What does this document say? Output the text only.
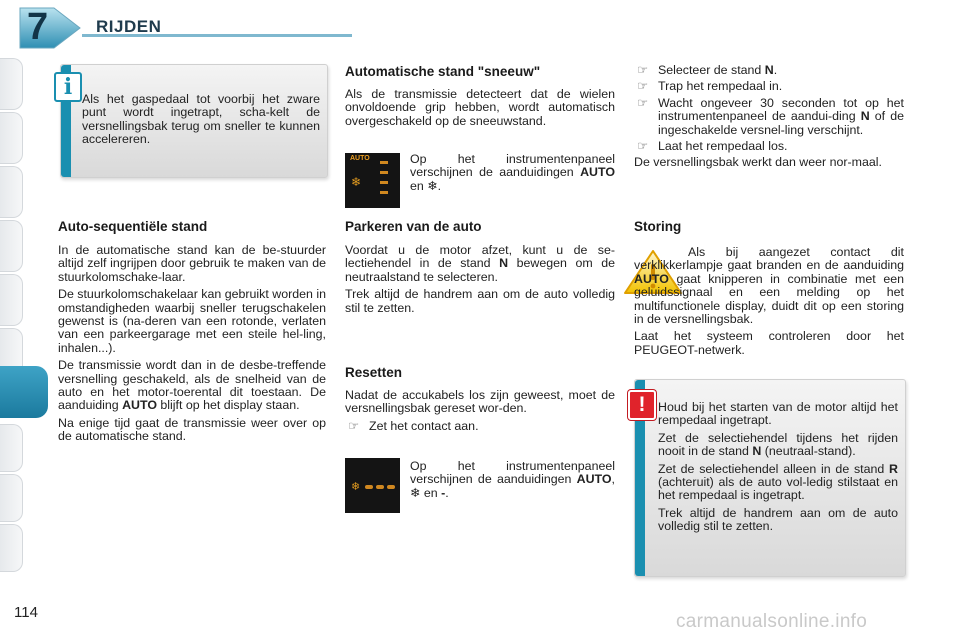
7	RIJDEN
i Als het gaspedaal tot voorbij het zware punt wordt ingetrapt, scha-kelt de versnellingsbak terug om sneller te kunnen accelereren.
Auto-sequentiële stand

In de automatische stand kan de be-stuurder altijd zelf ingrijpen door gebruik te maken van de stuurkolomschake-laar.

De stuurkolomschakelaar kan gebruikt worden in omstandigheden waarbij sneller terugschakelen gewenst is (na-deren van een rotonde, verlaten van een parkeergarage met een steile hel-ling, inhalen...).

De transmissie wordt dan in de desbe-treffende versnelling geschakeld, als de snelheid van de auto en het motor-toerental dit toestaan. De aanduiding AUTO blijft op het display staan.

Na enige tijd gaat de transmissie weer over op de automatische stand.

Automatische stand "sneeuw"
Als de transmissie detecteert dat de wielen onvoldoende grip hebben, wordt automatisch overgeschakeld op de sneeuwstand.
AUTO
❄
Op het instrumentenpaneel verschijnen de aanduidingen AUTO en ❄.
Parkeren van de auto

Voordat u de motor afzet, kunt u de se-lectiehendel in de stand N bewegen om de neutraalstand te selecteren.

Trek altijd de handrem aan om de auto volledig stil te zetten.

Resetten

Nadat de accukabels los zijn geweest, moet de versnellingsbak gereset wor-den.

☞ Zet het contact aan.
❄
Op het instrumentenpaneel verschijnen de aanduidingen AUTO, ❄ en -.
☞ Selecteer de stand N.
☞ Trap het rempedaal in.
☞ Wacht ongeveer 30 seconden tot op het instrumentenpaneel de aandui-ding N of de ingeschakelde versnel-ling verschijnt.
☞ Laat het rempedaal los.

De versnellingsbak werkt dan weer nor-maal.

Storing

Als bij aangezet contact dit verklikkerlampje gaat branden en de aanduiding AUTO gaat knipperen in combinatie met een geluidssignaal en een melding op het multifunctionele display, duidt dit op een storing in de versnellingsbak.

Laat het systeem controleren door het PEUGEOT-netwerk.

!	Houd bij het starten van de motor altijd het rempedaal ingetrapt.

Zet de selectiehendel tijdens het rijden nooit in de stand N (neutraal-stand).

Zet de selectiehendel alleen in de stand R (achteruit) als de auto vol-ledig stilstaat en het rempedaal is ingetrapt.

Trek altijd de handrem aan om de auto volledig stil te zetten.

114	carmanualsonline.info
